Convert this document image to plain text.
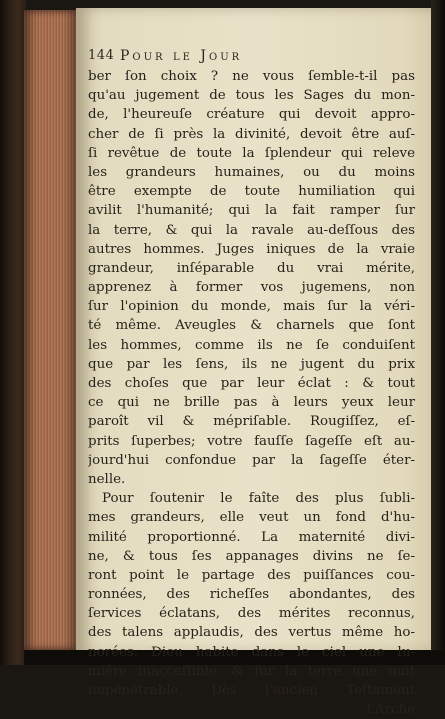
144 Pour le Jour
ber ſon choix ? ne vous ſemble-t-il pas
qu'au jugement de tous les Sages du mon-
de, l'heureuſe créature qui devoit appro-
cher de ſi près la divinité, devoit être auſ-
ſi revêtue de toute la ſplendeur qui releve
les grandeurs humaines, ou du moins
être exempte de toute humiliation qui
avilit l'humanité; qui la fait ramper ſur
la terre, & qui la ravale au-deſſous des
autres hommes. Juges iniques de la vraie
grandeur, inſéparable du vrai mérite,
apprenez à former vos jugemens, non
ſur l'opinion du monde, mais ſur la véri-
té même. Aveugles & charnels que ſont
les hommes, comme ils ne ſe conduiſent
que par les ſens, ils ne jugent du prix
des choſes que par leur éclat : & tout
ce qui ne brille pas à leurs yeux leur
paroît vil & mépriſable. Rougiſſez, eſ-
prits ſuperbes; votre fauſſe ſageſſe eſt au-
jourd'hui confondue par la ſageſſe éter-
nelle.
Pour ſoutenir le faîte des plus ſubli-
mes grandeurs, elle veut un fond d'hu-
milité proportionné. La maternité divi-
ne, & tous ſes appanages divins ne ſe-
ront point le partage des puiſſances cou-
ronnées, des richeſſes abondantes, des
ſervices éclatans, des mérites reconnus,
des talens applaudis, des vertus même ho-
norées. Dieu habite dans le ciel une lu-
miére inacceſſible, & ſur la terre une nuit
impénétrable. Dès l'ancien Teſtament
l'Arche
